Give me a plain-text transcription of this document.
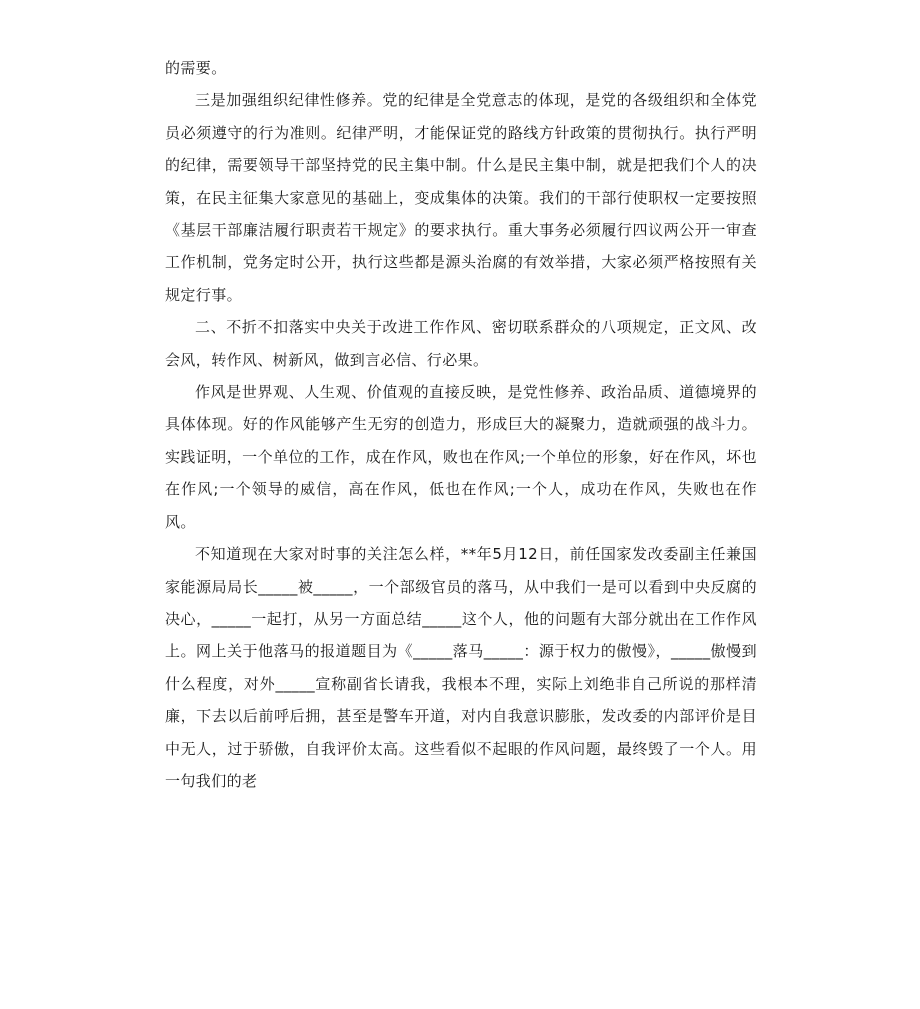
的需要。

三是加强组织纪律性修养。党的纪律是全党意志的体现，是党的各级组织和全体党员必须遵守的行为准则。纪律严明，才能保证党的路线方针政策的贯彻执行。执行严明的纪律，需要领导干部坚持党的民主集中制。什么是民主集中制，就是把我们个人的决策，在民主征集大家意见的基础上，变成集体的决策。我们的干部行使职权一定要按照《基层干部廉洁履行职责若干规定》的要求执行。重大事务必须履行四议两公开一审查工作机制，党务定时公开，执行这些都是源头治腐的有效举措，大家必须严格按照有关规定行事。

二、不折不扣落实中央关于改进工作作风、密切联系群众的八项规定，正文风、改会风，转作风、树新风，做到言必信、行必果。

作风是世界观、人生观、价值观的直接反映，是党性修养、政治品质、道德境界的具体体现。好的作风能够产生无穷的创造力，形成巨大的凝聚力，造就顽强的战斗力。实践证明，一个单位的工作，成在作风，败也在作风;一个单位的形象，好在作风，坏也在作风;一个领导的威信，高在作风，低也在作风;一个人，成功在作风，失败也在作风。

不知道现在大家对时事的关注怎么样，**年5月12日，前任国家发改委副主任兼国家能源局局长_____被_____，一个部级官员的落马，从中我们一是可以看到中央反腐的决心，_____一起打，从另一方面总结_____这个人，他的问题有大部分就出在工作作风上。网上关于他落马的报道题目为《_____落马_____：源于权力的傲慢》，_____傲慢到什么程度，对外_____宣称副省长请我，我根本不理，实际上刘绝非自己所说的那样清廉，下去以后前呼后拥，甚至是警车开道，对内自我意识膨胀，发改委的内部评价是目中无人，过于骄傲，自我评价太高。这些看似不起眼的作风问题，最终毁了一个人。用一句我们的老
